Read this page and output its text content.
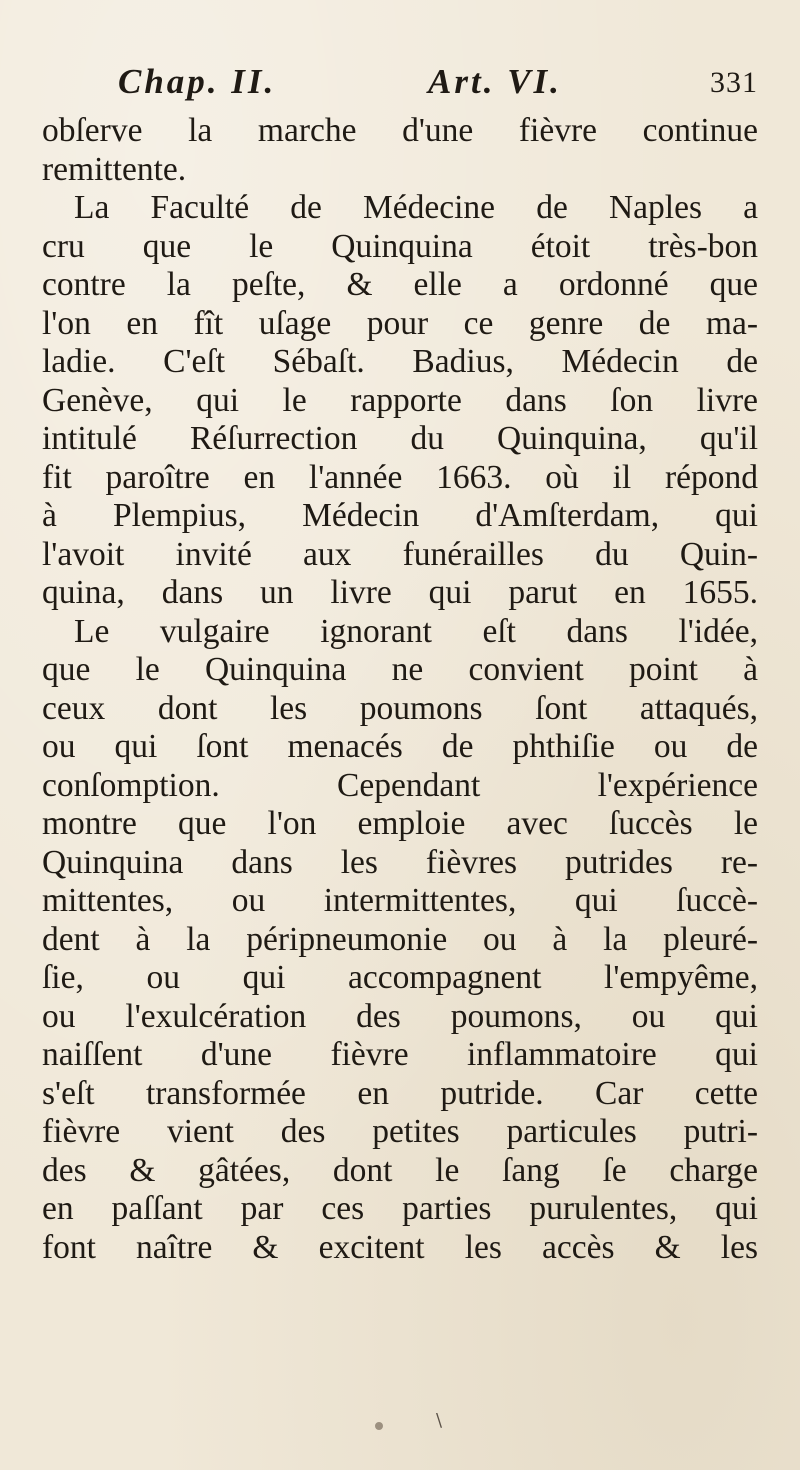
Chap. II.	Art. VI.	331
obſerve la marche d'une fièvre continue
remittente.
La Faculté de Médecine de Naples a
cru que le Quinquina étoit très-bon
contre la peſte, & elle a ordonné que
l'on en fît uſage pour ce genre de ma-
ladie. C'eſt Sébaſt. Badius, Médecin de
Genève, qui le rapporte dans ſon livre
intitulé Réſurrection du Quinquina, qu'il
fit paroître en l'année 1663. où il répond
à Plempius, Médecin d'Amſterdam, qui
l'avoit invité aux funérailles du Quin-
quina, dans un livre qui parut en 1655.
Le vulgaire ignorant eſt dans l'idée,
que le Quinquina ne convient point à
ceux dont les poumons ſont attaqués,
ou qui ſont menacés de phthiſie ou de
conſomption. Cependant l'expérience
montre que l'on emploie avec ſuccès le
Quinquina dans les fièvres putrides re-
mittentes, ou intermittentes, qui ſuccè-
dent à la péripneumonie ou à la pleuré-
ſie, ou qui accompagnent l'empyême,
ou l'exulcération des poumons, ou qui
naiſſent d'une fièvre inflammatoire qui
s'eſt transformée en putride. Car cette
fièvre vient des petites particules putri-
des & gâtées, dont le ſang ſe charge
en paſſant par ces parties purulentes, qui
font naître & excitent les accès & les
\
